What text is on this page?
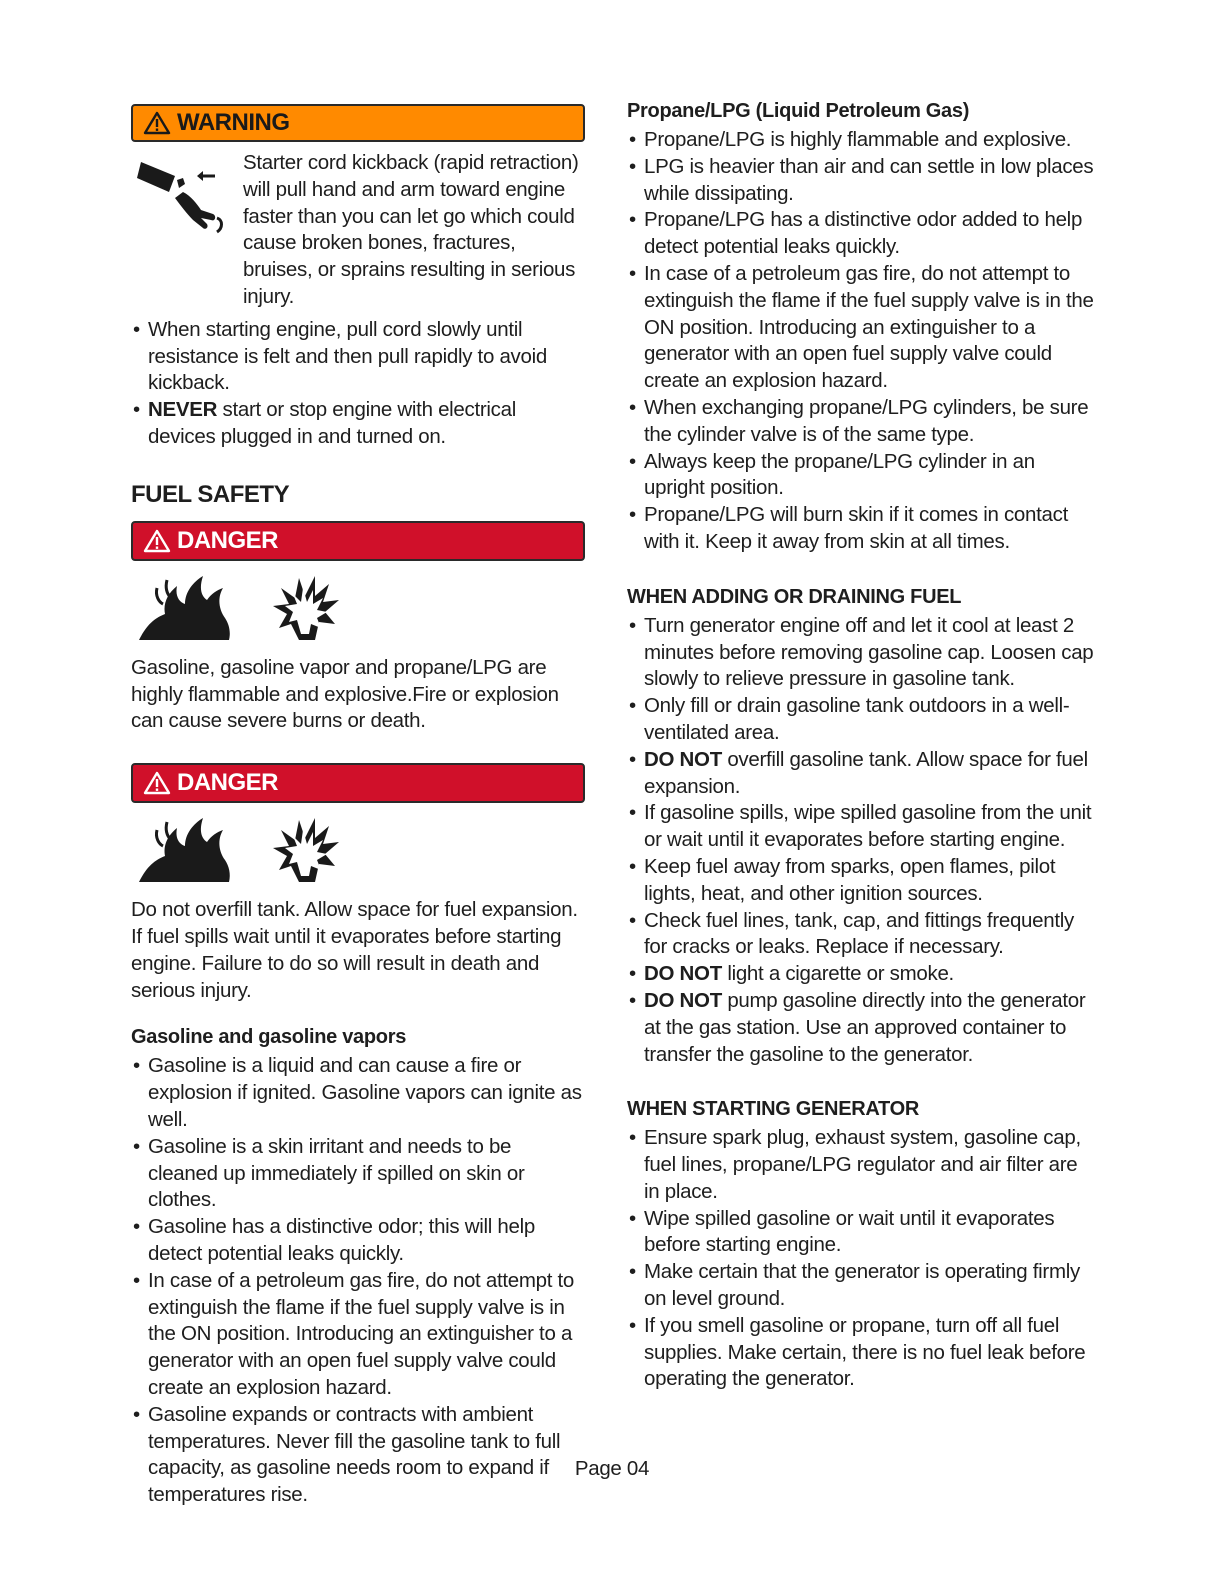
WARNING
Starter cord kickback (rapid retraction) will pull hand and arm toward engine faster than you can let go which could cause broken bones, fractures, bruises, or sprains resulting in serious injury.
• When starting engine, pull cord slowly until resistance is felt and then pull rapidly to avoid kickback.
• NEVER start or stop engine with electrical devices plugged in and turned on.
FUEL SAFETY
DANGER
Gasoline, gasoline vapor and propane/LPG are highly flammable and explosive.Fire or explosion can cause severe burns or death.
DANGER
Do not overfill tank. Allow space for fuel expansion. If fuel spills wait until it evaporates before starting engine. Failure to do so will result in death and serious injury.
Gasoline and gasoline vapors
• Gasoline is a liquid and can cause a fire or explosion if ignited. Gasoline vapors can ignite as well.
• Gasoline is a skin irritant and needs to be cleaned up immediately if spilled on skin or clothes.
• Gasoline has a distinctive odor; this will help detect potential leaks quickly.
• In case of a petroleum gas fire, do not attempt to extinguish the flame if the fuel supply valve is in the ON position. Introducing an extinguisher to a generator with an open fuel supply valve could create an explosion hazard.
• Gasoline expands or contracts with ambient temperatures. Never fill the gasoline tank to full capacity, as gasoline needs room to expand if temperatures rise.
Propane/LPG (Liquid Petroleum Gas)
• Propane/LPG is highly flammable and explosive.
• LPG is heavier than air and can settle in low places while dissipating.
• Propane/LPG has a distinctive odor added to help detect potential leaks quickly.
• In case of a petroleum gas fire, do not attempt to extinguish the flame if the fuel supply valve is in the ON position. Introducing an extinguisher to a generator with an open fuel supply valve could create an explosion hazard.
• When exchanging propane/LPG cylinders, be sure the cylinder valve is of the same type.
• Always keep the propane/LPG cylinder in an upright position.
• Propane/LPG will burn skin if it comes in contact with it. Keep it away from skin at all times.
WHEN ADDING OR DRAINING FUEL
• Turn generator engine off and let it cool at least 2 minutes before removing gasoline cap. Loosen cap slowly to relieve pressure in gasoline tank.
• Only fill or drain gasoline tank outdoors in a well-ventilated area.
• DO NOT overfill gasoline tank. Allow space for fuel expansion.
• If gasoline spills, wipe spilled gasoline from the unit or wait until it evaporates before starting engine.
• Keep fuel away from sparks, open flames, pilot lights, heat, and other ignition sources.
• Check fuel lines, tank, cap, and fittings frequently for cracks or leaks. Replace if necessary.
• DO NOT light a cigarette or smoke.
• DO NOT pump gasoline directly into the generator at the gas station. Use an approved container to transfer the gasoline to the generator.
WHEN STARTING GENERATOR
• Ensure spark plug, exhaust system, gasoline cap, fuel lines, propane/LPG regulator and air filter are in place.
• Wipe spilled gasoline or wait until it evaporates before starting engine.
• Make certain that the generator is operating firmly on level ground.
• If you smell gasoline or propane, turn off all fuel supplies. Make certain, there is no fuel leak before operating the generator.
Page 04
